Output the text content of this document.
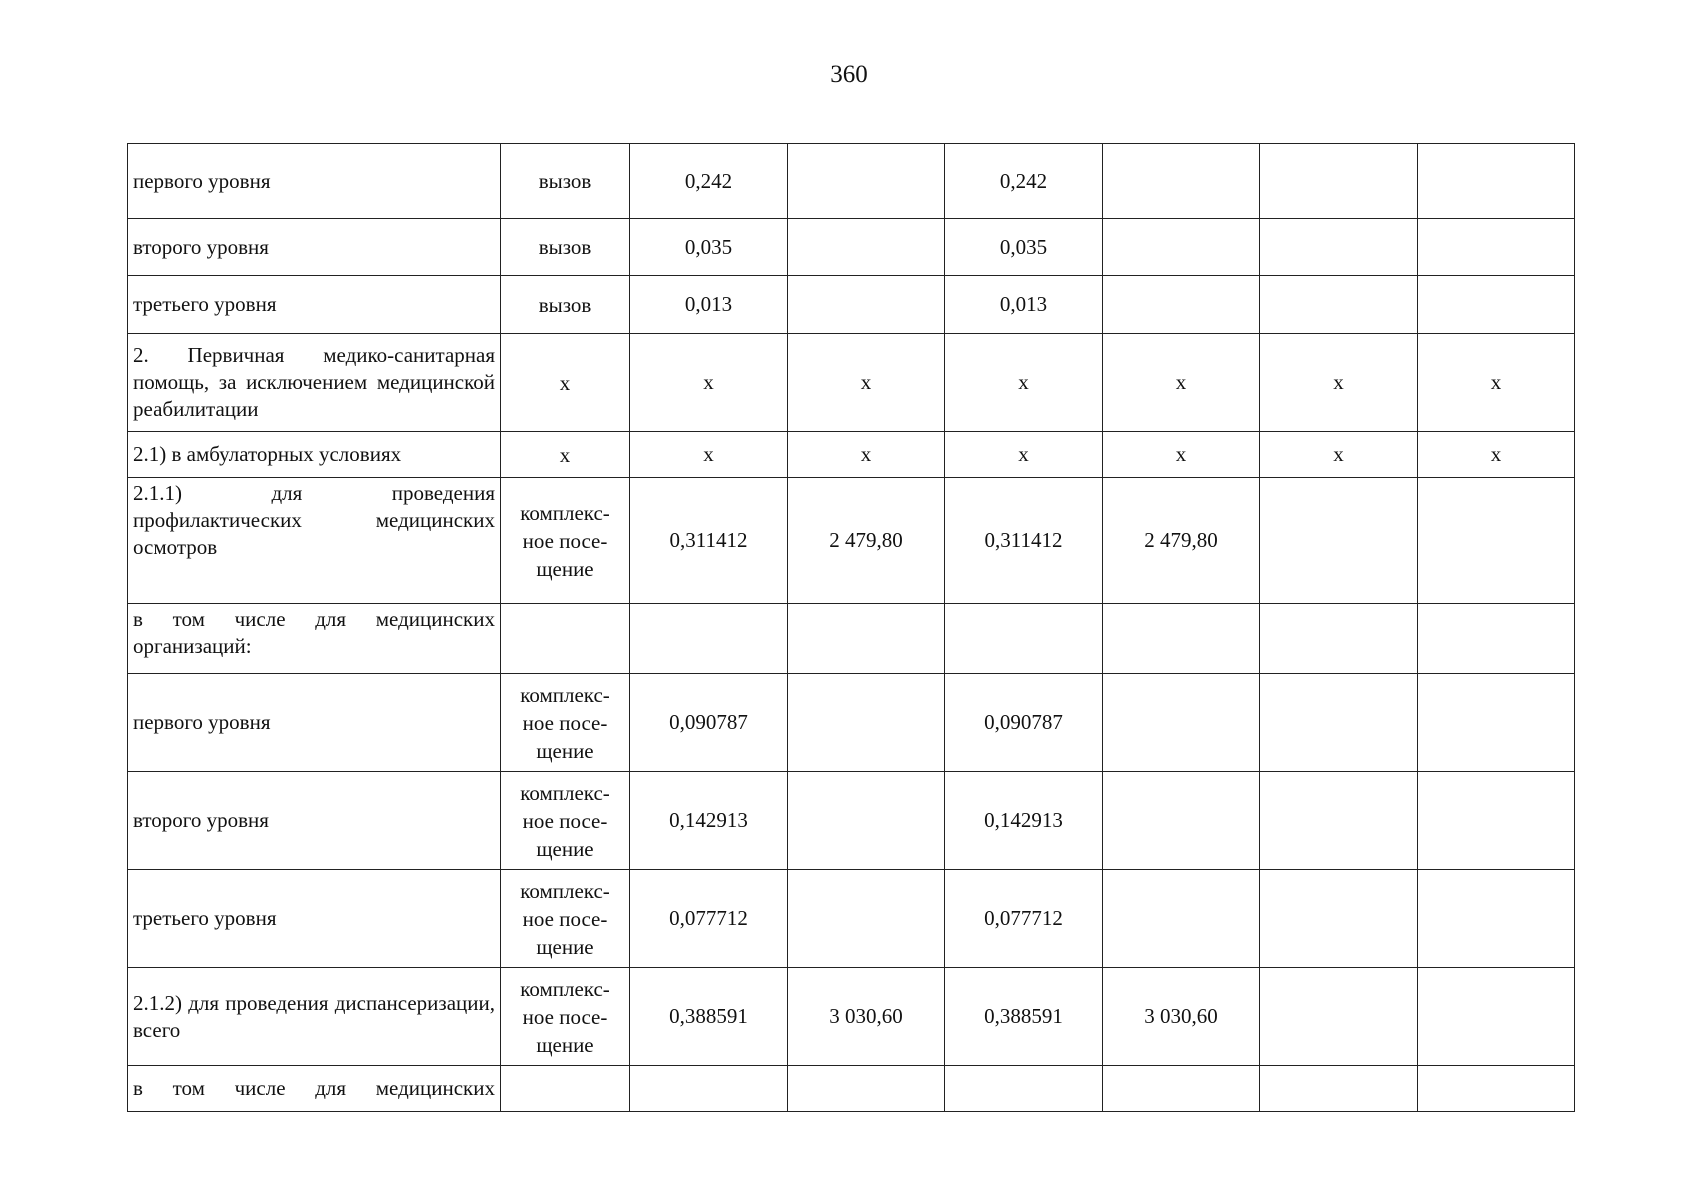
360
первого уровня	вызов	0,242		0,242			
второго уровня	вызов	0,035		0,035			
третьего уровня	вызов	0,013		0,013			
2. Первичная медико-санитарная помощь, за исключением медицинской реабилитации	х	х	х	х	х	х	х
2.1) в амбулаторных условиях	х	х	х	х	х	х	х
2.1.1) для проведения профилактических медицинских осмотров	комплекс-ное посе-щение	0,311412	2 479,80	0,311412	2 479,80		
в том числе для медицинских организаций:							
первого уровня	комплекс-ное посе-щение	0,090787		0,090787			
второго уровня	комплекс-ное посе-щение	0,142913		0,142913			
третьего уровня	комплекс-ное посе-щение	0,077712		0,077712			
2.1.2) для проведения диспансеризации, всего	комплекс-ное посе-щение	0,388591	3 030,60	0,388591	3 030,60		
в том числе для медицинских							
